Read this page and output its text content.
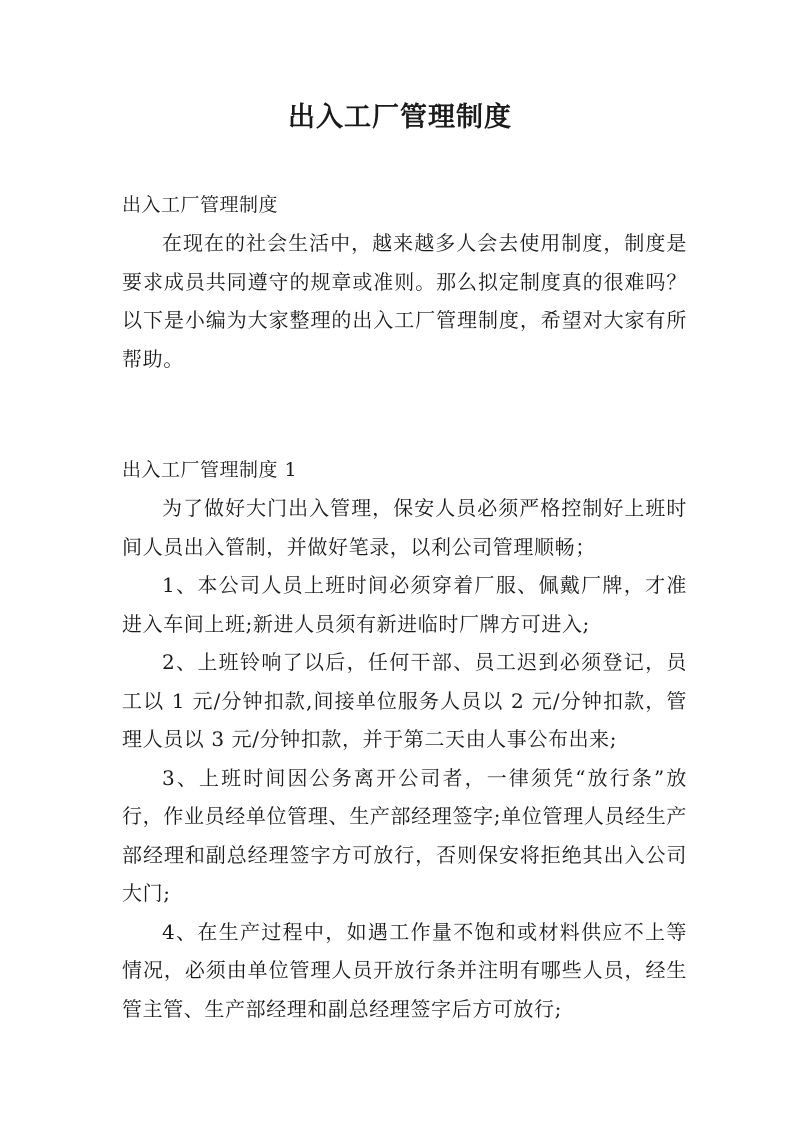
出入工厂管理制度

出入工厂管理制度

在现在的社会生活中，越来越多人会去使用制度，制度是要求成员共同遵守的规章或准则。那么拟定制度真的很难吗？以下是小编为大家整理的出入工厂管理制度，希望对大家有所帮助。

出入工厂管理制度 1

为了做好大门出入管理，保安人员必须严格控制好上班时间人员出入管制，并做好笔录，以利公司管理顺畅；

1、本公司人员上班时间必须穿着厂服、佩戴厂牌，才准进入车间上班;新进人员须有新进临时厂牌方可进入;

2、上班铃响了以后，任何干部、员工迟到必须登记，员工以 1 元/分钟扣款,间接单位服务人员以 2 元/分钟扣款，管理人员以 3 元/分钟扣款，并于第二天由人事公布出来;

3、上班时间因公务离开公司者，一律须凭“放行条”放行，作业员经单位管理、生产部经理签字;单位管理人员经生产部经理和副总经理签字方可放行，否则保安将拒绝其出入公司大门;

4、在生产过程中，如遇工作量不饱和或材料供应不上等情况，必须由单位管理人员开放行条并注明有哪些人员，经生管主管、生产部经理和副总经理签字后方可放行;
